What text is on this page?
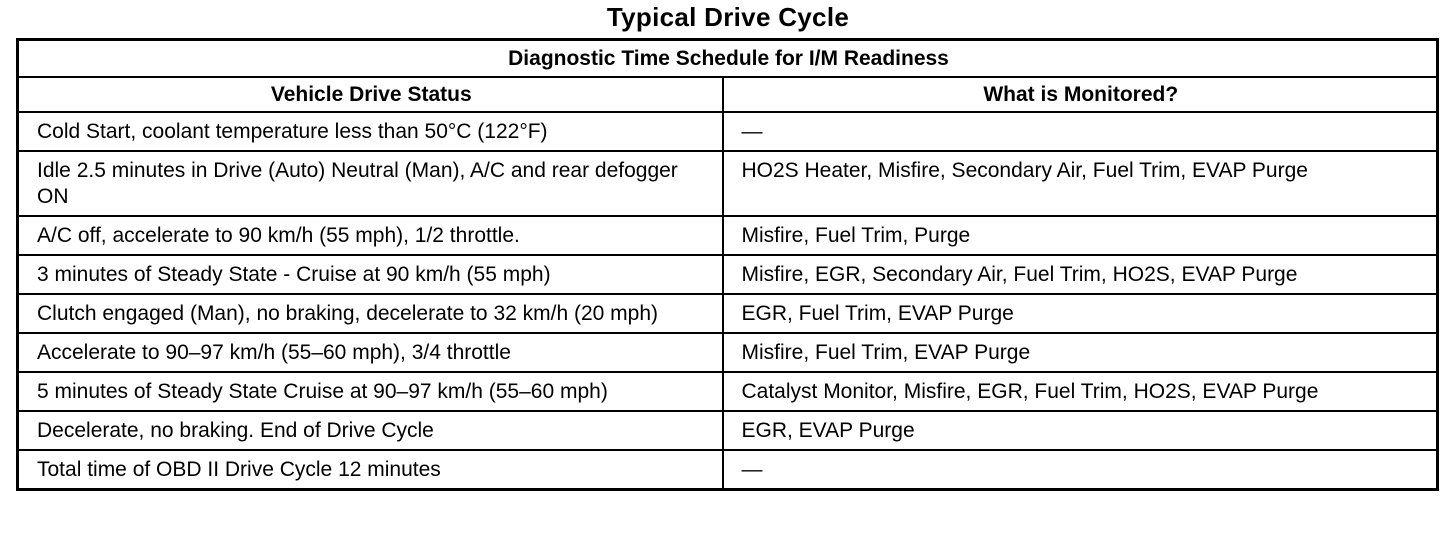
Typical Drive Cycle
Diagnostic Time Schedule for I/M Readiness	
Vehicle Drive Status	What is Monitored?
Cold Start, coolant temperature less than 50°C (122°F)	—
Idle 2.5 minutes in Drive (Auto) Neutral (Man), A/C and rear defogger ON	HO2S Heater, Misfire, Secondary Air, Fuel Trim, EVAP Purge
A/C off, accelerate to 90 km/h (55 mph), 1/2 throttle.	Misfire, Fuel Trim, Purge
3 minutes of Steady State - Cruise at 90 km/h (55 mph)	Misfire, EGR, Secondary Air, Fuel Trim, HO2S, EVAP Purge
Clutch engaged (Man), no braking, decelerate to 32 km/h (20 mph)	EGR, Fuel Trim, EVAP Purge
Accelerate to 90–97 km/h (55–60 mph), 3/4 throttle	Misfire, Fuel Trim, EVAP Purge
5 minutes of Steady State Cruise at 90–97 km/h (55–60 mph)	Catalyst Monitor, Misfire, EGR, Fuel Trim, HO2S, EVAP Purge
Decelerate, no braking. End of Drive Cycle	EGR, EVAP Purge
Total time of OBD II Drive Cycle 12 minutes	—
